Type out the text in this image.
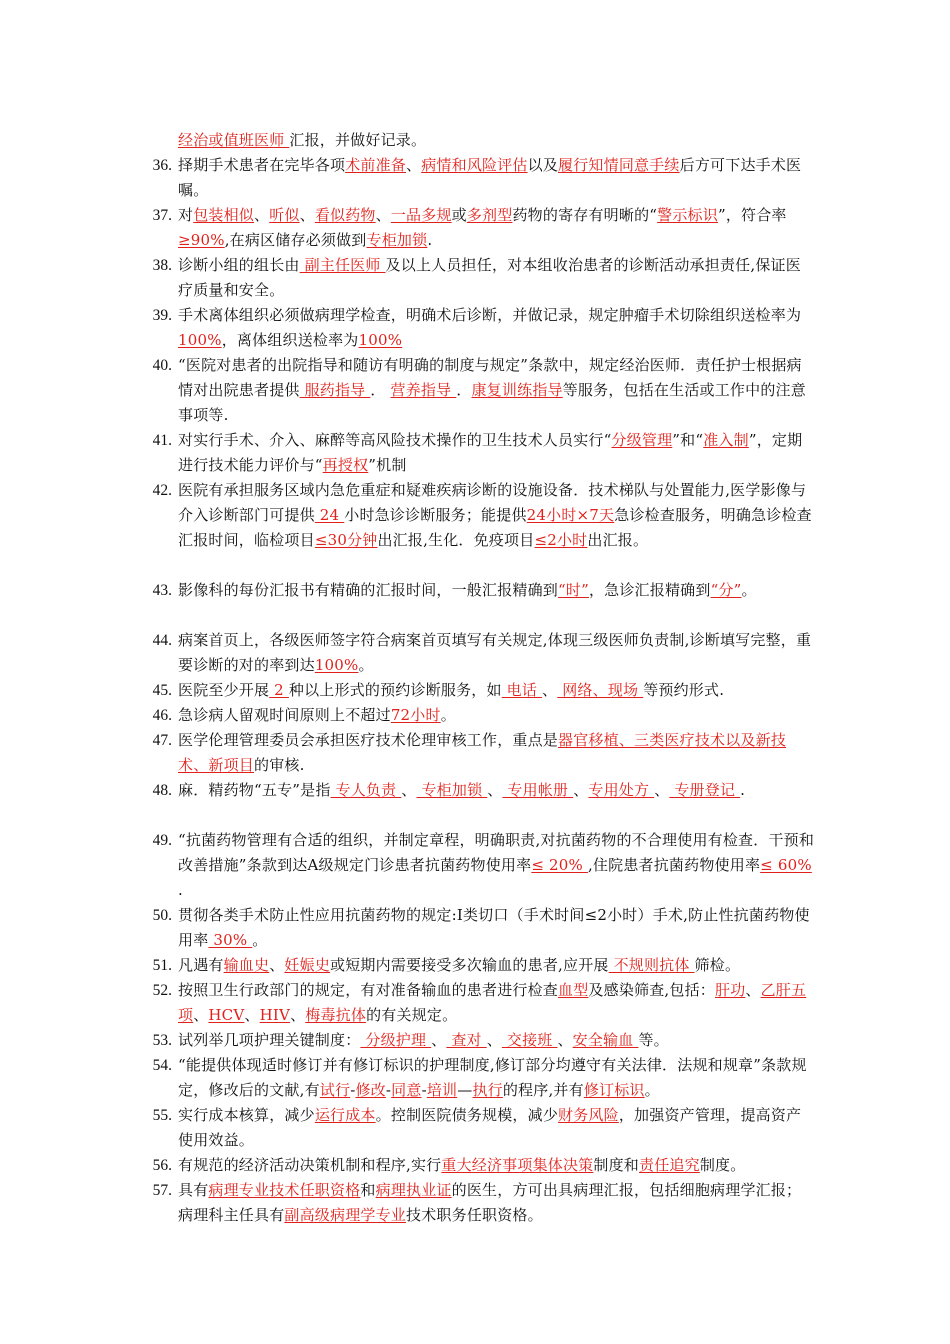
经治或值班医师 汇报，并做好记录。
36. 择期手术患者在完毕各项术前准备、病情和风险评估以及履行知情同意手续后方可下达手术医嘱。
37. 对包装相似、听似、看似药物、一品多规或多剂型药物的寄存有明晰的“警示标识”，符合率≥90%,在病区储存必须做到专柜加锁.
38. 诊断小组的组长由 副主任医师 及以上人员担任，对本组收治患者的诊断活动承担责任,保证医疗质量和安全。
39. 手术离体组织必须做病理学检查，明确术后诊断，并做记录，规定肿瘤手术切除组织送检率为100%，离体组织送检率为100%
40. “医院对患者的出院指导和随访有明确的制度与规定”条款中，规定经治医师．责任护士根据病情对出院患者提供 服药指导 ． 营养指导 ．康复训练指导等服务，包括在生活或工作中的注意事项等.
41. 对实行手术、介入、麻醉等高风险技术操作的卫生技术人员实行“分级管理”和“准入制”，定期进行技术能力评价与“再授权”机制
42. 医院有承担服务区域内急危重症和疑难疾病诊断的设施设备．技术梯队与处置能力,医学影像与介入诊断部门可提供 24 小时急诊诊断服务；能提供24小时×7天急诊检查服务，明确急诊检查汇报时间，临检项目≤30分钟出汇报,生化．免疫项目≤2小时出汇报。
43. 影像科的每份汇报书有精确的汇报时间，一般汇报精确到“时”，急诊汇报精确到“分”。
44. 病案首页上，各级医师签字符合病案首页填写有关规定,体现三级医师负责制,诊断填写完整，重要诊断的对的率到达100%。
45. 医院至少开展 2 种以上形式的预约诊断服务，如 电话 、 网络、现场 等预约形式.
46. 急诊病人留观时间原则上不超过72小时。
47. 医学伦理管理委员会承担医疗技术伦理审核工作，重点是器官移植、三类医疗技术以及新技术、新项目的审核.
48. 麻．精药物“五专”是指 专人负责 、 专柜加锁 、 专用帐册 、专用处方 、 专册登记 .
49. “抗菌药物管理有合适的组织，并制定章程，明确职责,对抗菌药物的不合理使用有检查．干预和改善措施”条款到达A级规定门诊患者抗菌药物使用率≤ 20% ,住院患者抗菌药物使用率≤ 60% .
50. 贯彻各类手术防止性应用抗菌药物的规定:Ⅰ类切口（手术时间≤2小时）手术,防止性抗菌药物使用率 30% 。
51. 凡遇有输血史、妊娠史或短期内需要接受多次输血的患者,应开展 不规则抗体 筛检。
52. 按照卫生行政部门的规定，有对准备输血的患者进行检查血型及感染筛查,包括：肝功、乙肝五项、HCV、HIV、梅毒抗体的有关规定。
53. 试列举几项护理关键制度： 分级护理 、 查对 、 交接班 、安全输血 等。
54. “能提供体现适时修订并有修订标识的护理制度,修订部分均遵守有关法律．法规和规章”条款规定，修改后的文献,有试行-修改-同意-培训—执行的程序,并有修订标识。
55. 实行成本核算，减少运行成本。控制医院债务规模，减少财务风险，加强资产管理，提高资产使用效益。
56. 有规范的经济活动决策机制和程序,实行重大经济事项集体决策制度和责任追究制度。
57. 具有病理专业技术任职资格和病理执业证的医生，方可出具病理汇报，包括细胞病理学汇报；病理科主任具有副高级病理学专业技术职务任职资格。
